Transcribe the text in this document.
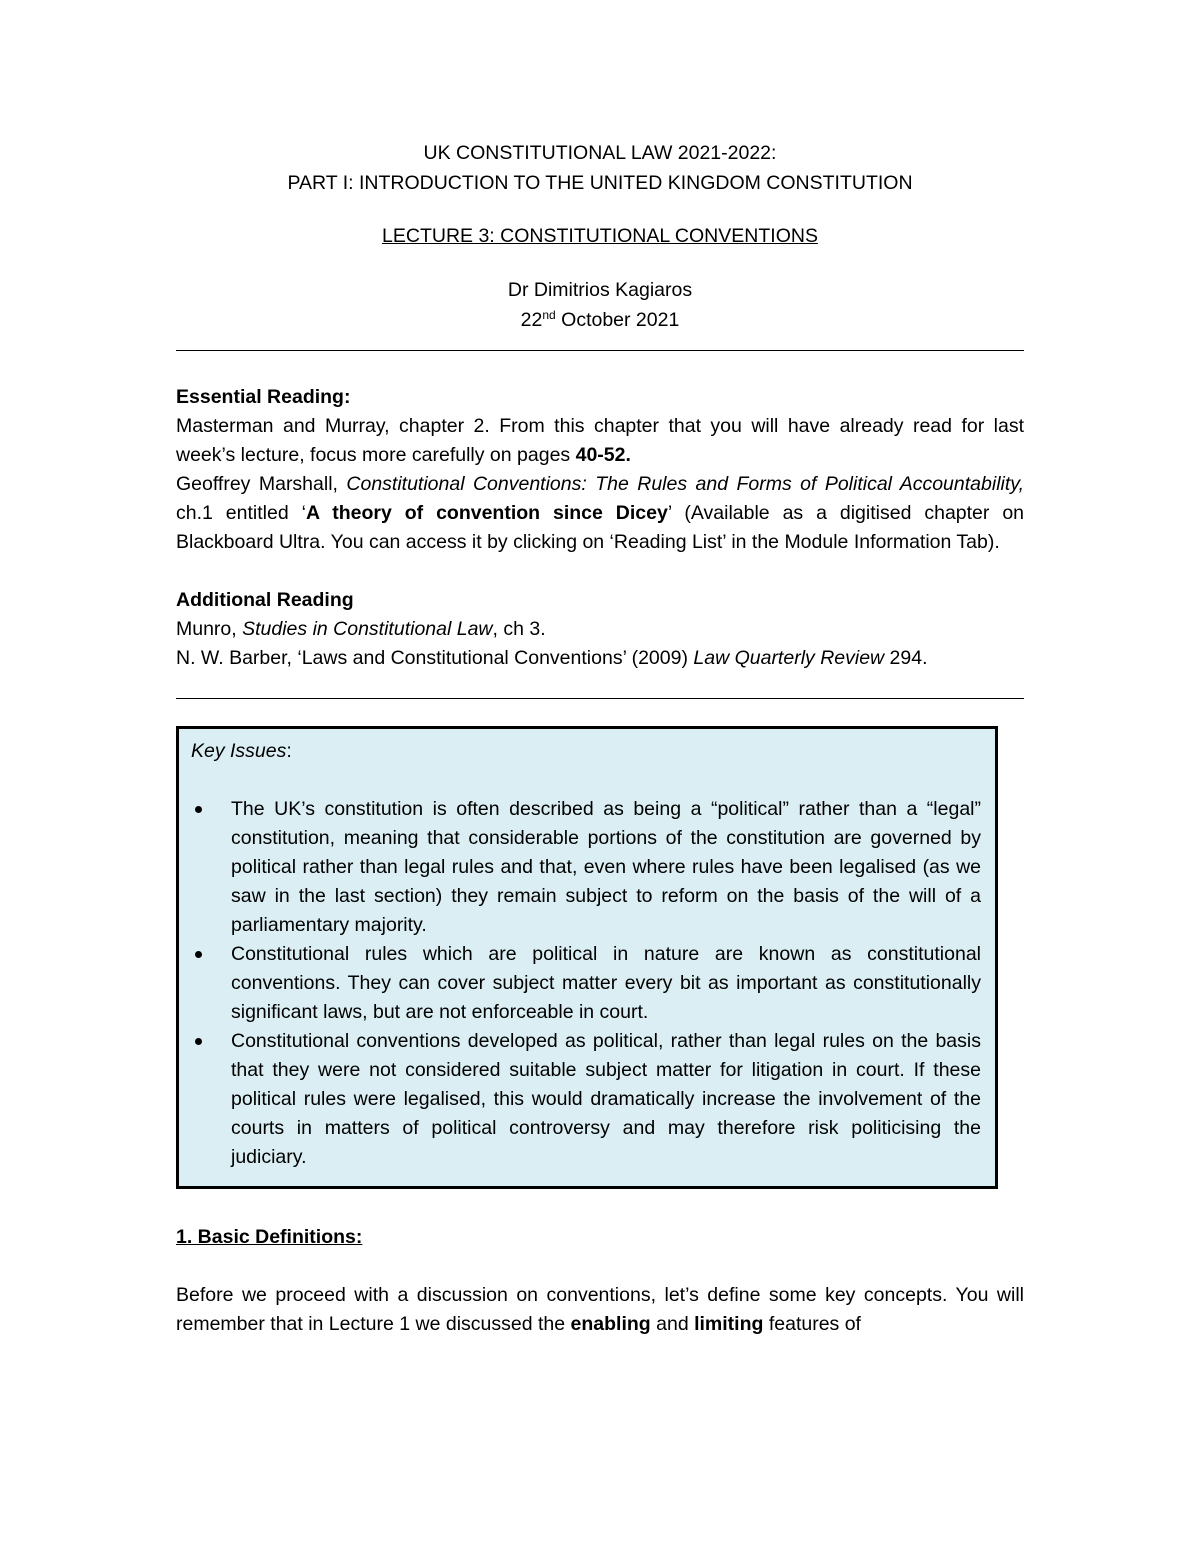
UK CONSTITUTIONAL LAW 2021-2022:
PART I: INTRODUCTION TO THE UNITED KINGDOM CONSTITUTION
LECTURE 3: CONSTITUTIONAL CONVENTIONS
Dr Dimitrios Kagiaros
22nd October 2021
Essential Reading:
Masterman and Murray, chapter 2. From this chapter that you will have already read for last week’s lecture, focus more carefully on pages 40-52.
Geoffrey Marshall, Constitutional Conventions: The Rules and Forms of Political Accountability, ch.1 entitled ‘A theory of convention since Dicey’ (Available as a digitised chapter on Blackboard Ultra. You can access it by clicking on ‘Reading List’ in the Module Information Tab).
Additional Reading
Munro, Studies in Constitutional Law, ch 3.
N. W. Barber, ‘Laws and Constitutional Conventions’ (2009) Law Quarterly Review 294.
Key Issues:
The UK’s constitution is often described as being a “political” rather than a “legal” constitution, meaning that considerable portions of the constitution are governed by political rather than legal rules and that, even where rules have been legalised (as we saw in the last section) they remain subject to reform on the basis of the will of a parliamentary majority.
Constitutional rules which are political in nature are known as constitutional conventions. They can cover subject matter every bit as important as constitutionally significant laws, but are not enforceable in court.
Constitutional conventions developed as political, rather than legal rules on the basis that they were not considered suitable subject matter for litigation in court. If these political rules were legalised, this would dramatically increase the involvement of the courts in matters of political controversy and may therefore risk politicising the judiciary.
1. Basic Definitions:
Before we proceed with a discussion on conventions, let’s define some key concepts. You will remember that in Lecture 1 we discussed the enabling and limiting features of
